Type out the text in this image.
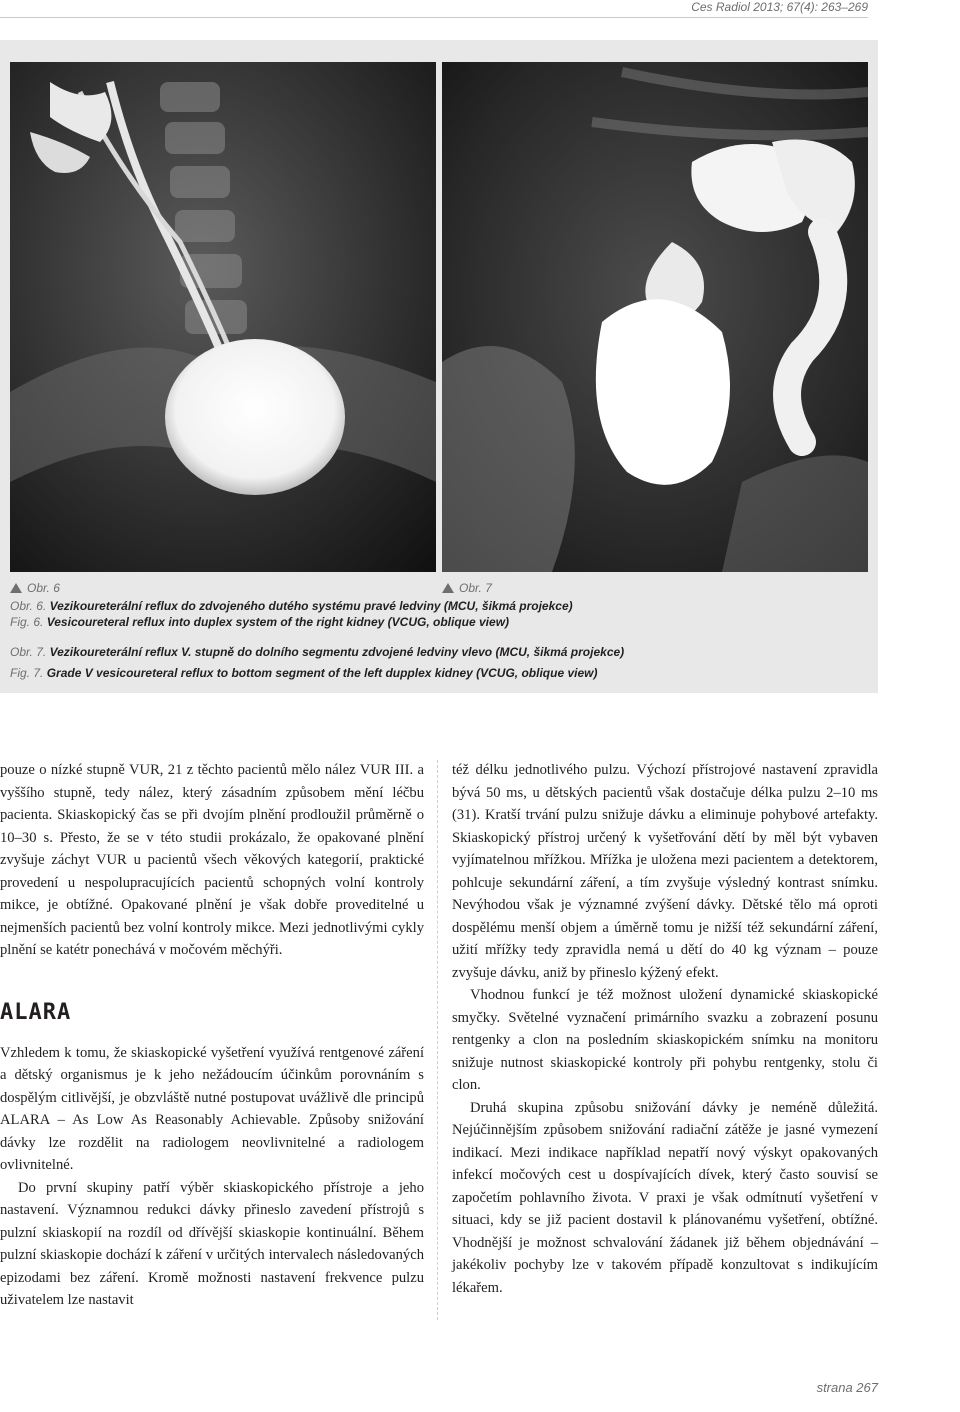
Ces Radiol 2013; 67(4): 263–269
Obr. 6	Obr. 7
Obr. 6. Vezikoureterální reflux do zdvojeného dutého systému pravé ledviny (MCU, šikmá projekce)
Fig. 6. Vesicoureteral reflux into duplex system of the right kidney (VCUG, oblique view)
Obr. 7. Vezikoureterální reflux V. stupně do dolního segmentu zdvojené ledviny vlevo (MCU, šikmá projekce)
Fig. 7. Grade V vesicoureteral reflux to bottom segment of the left dupplex kidney (VCUG, oblique view)

pouze o nízké stupně VUR, 21 z těchto pacientů mělo nález VUR III. a vyššího stupně, tedy nález, který zásadním způsobem mění léčbu pacienta. Skiaskopický čas se při dvojím plnění prodloužil průměrně o 10–30 s. Přesto, že se v této studii prokázalo, že opakované plnění zvyšuje záchyt VUR u pacientů všech věkových kategorií, praktické provedení u nespolupracujících pacientů schopných volní kontroly mikce, je obtížné. Opakované plnění je však dobře proveditelné u nejmenších pacientů bez volní kontroly mikce. Mezi jednotlivými cykly plnění se katétr ponechává v močovém měchýři.

ALARA

Vzhledem k tomu, že skiaskopické vyšetření využívá rentgenové záření a dětský organismus je k jeho nežádoucím účinkům porovnáním s dospělým citlivější, je obzvláště nutné postupovat uvážlivě dle principů ALARA – As Low As Reasonably Achievable. Způsoby snižování dávky lze rozdělit na radiologem neovlivnitelné a radiologem ovlivnitelné.

Do první skupiny patří výběr skiaskopického přístroje a jeho nastavení. Významnou redukci dávky přineslo zavedení přístrojů s pulzní skiaskopií na rozdíl od dřívější skiaskopie kontinuální. Během pulzní skiaskopie dochází k záření v určitých intervalech následovaných epizodami bez záření. Kromě možnosti nastavení frekvence pulzu uživatelem lze nastavit

též délku jednotlivého pulzu. Výchozí přístrojové nastavení zpravidla bývá 50 ms, u dětských pacientů však dostačuje délka pulzu 2–10 ms (31). Kratší trvání pulzu snižuje dávku a eliminuje pohybové artefakty. Skiaskopický přístroj určený k vyšetřování dětí by měl být vybaven vyjímatelnou mřížkou. Mřížka je uložena mezi pacientem a detektorem, pohlcuje sekundární záření, a tím zvyšuje výsledný kontrast snímku. Nevýhodou však je významné zvýšení dávky. Dětské tělo má oproti dospělému menší objem a úměrně tomu je nižší též sekundární záření, užití mřížky tedy zpravidla nemá u dětí do 40 kg význam – pouze zvyšuje dávku, aniž by přineslo kýžený efekt.

Vhodnou funkcí je též možnost uložení dynamické skiaskopické smyčky. Světelné vyznačení primárního svazku a zobrazení posunu rentgenky a clon na posledním skiaskopickém snímku na monitoru snižuje nutnost skiaskopické kontroly při pohybu rentgenky, stolu či clon.

Druhá skupina způsobu snižování dávky je neméně důležitá. Nejúčinnějším způsobem snižování radiační zátěže je jasné vymezení indikací. Mezi indikace například nepatří nový výskyt opakovaných infekcí močových cest u dospívajících dívek, který často souvisí se započetím pohlavního života. V praxi je však odmítnutí vyšetření v situaci, kdy se již pacient dostavil k plánovanému vyšetření, obtížné. Vhodnější je možnost schvalování žádanek již během objednávání – jakékoliv pochyby lze v takovém případě konzultovat s indikujícím lékařem.

strana 267
